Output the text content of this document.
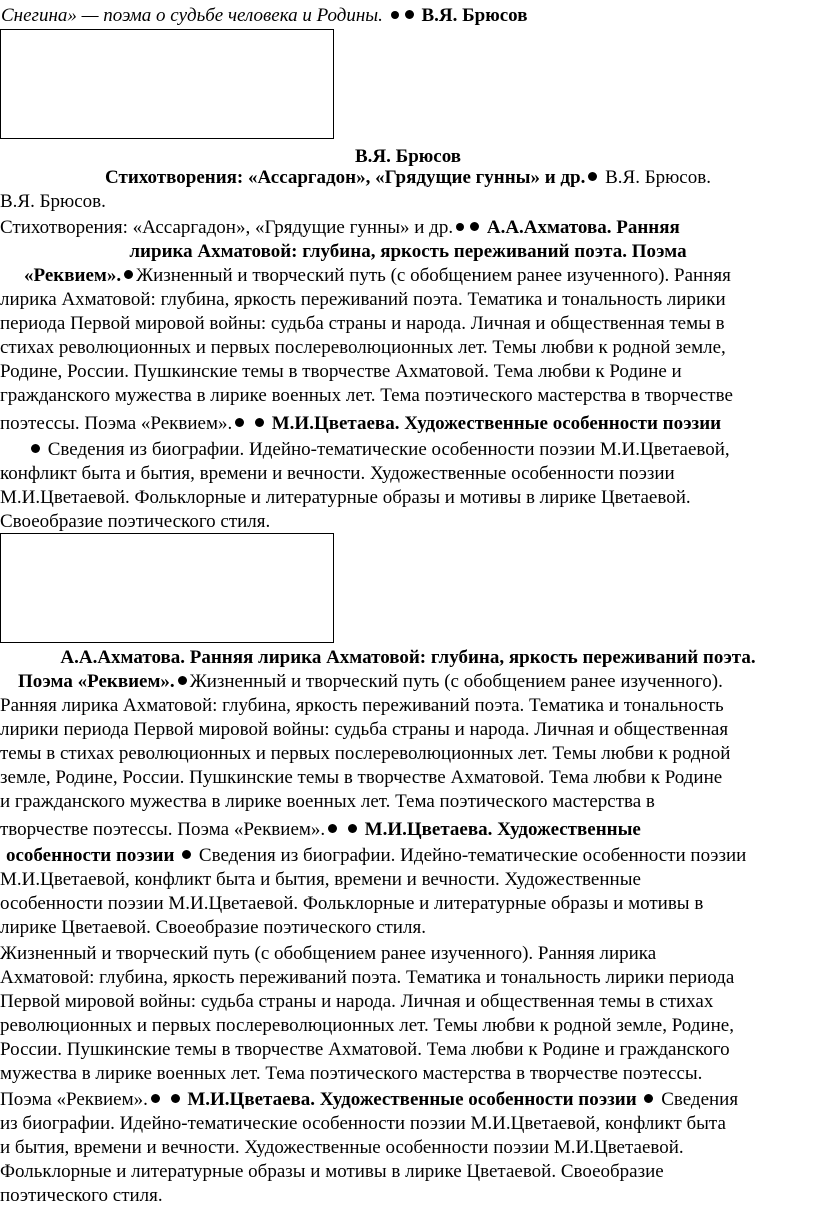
Снегина» — поэма о судьбе человека и Родины. В.Я. Брюсов
В.Я. Брюсов
Стихотворения: «Ассаргадон», «Грядущие гунны» и др. В.Я. Брюсов.
В.Я. Брюсов.
Стихотворения: «Ассаргадон», «Грядущие гунны» и др. А.А.Ахматова. Ранняя
лирика Ахматовой: глубина, яркость переживаний поэта. Поэма
«Реквием». Жизненный и творческий путь (с обобщением ранее изученного). Ранняя
лирика Ахматовой: глубина, яркость переживаний поэта. Тематика и тональность лирики
периода Первой мировой войны: судьба страны и народа. Личная и общественная темы в
стихах революционных и первых послереволюционных лет. Темы любви к родной земле,
Родине, России. Пушкинские темы в творчестве Ахматовой. Тема любви к Родине и
гражданского мужества в лирике военных лет. Тема поэтического мастерства в творчестве
поэтессы. Поэма «Реквием». М.И.Цветаева. Художественные особенности поэзии
Сведения из биографии. Идейно-тематические особенности поэзии М.И.Цветаевой,
конфликт быта и бытия, времени и вечности. Художественные особенности поэзии
М.И.Цветаевой. Фольклорные и литературные образы и мотивы в лирике Цветаевой.
Своеобразие поэтического стиля.
А.А.Ахматова. Ранняя лирика Ахматовой: глубина, яркость переживаний поэта.
Поэма «Реквием». Жизненный и творческий путь (с обобщением ранее изученного).
Ранняя лирика Ахматовой: глубина, яркость переживаний поэта. Тематика и тональность
лирики периода Первой мировой войны: судьба страны и народа. Личная и общественная
темы в стихах революционных и первых послереволюционных лет. Темы любви к родной
земле, Родине, России. Пушкинские темы в творчестве Ахматовой. Тема любви к Родине
и гражданского мужества в лирике военных лет. Тема поэтического мастерства в
творчестве поэтессы. Поэма «Реквием». М.И.Цветаева. Художественные
особенности поэзии Сведения из биографии. Идейно-тематические особенности поэзии
М.И.Цветаевой, конфликт быта и бытия, времени и вечности. Художественные
особенности поэзии М.И.Цветаевой. Фольклорные и литературные образы и мотивы в
лирике Цветаевой. Своеобразие поэтического стиля.
Жизненный и творческий путь (с обобщением ранее изученного). Ранняя лирика
Ахматовой: глубина, яркость переживаний поэта. Тематика и тональность лирики периода
Первой мировой войны: судьба страны и народа. Личная и общественная темы в стихах
революционных и первых послереволюционных лет. Темы любви к родной земле, Родине,
России. Пушкинские темы в творчестве Ахматовой. Тема любви к Родине и гражданского
мужества в лирике военных лет. Тема поэтического мастерства в творчестве поэтессы.
Поэма «Реквием». М.И.Цветаева. Художественные особенности поэзии Сведения
из биографии. Идейно-тематические особенности поэзии М.И.Цветаевой, конфликт быта
и бытия, времени и вечности. Художественные особенности поэзии М.И.Цветаевой.
Фольклорные и литературные образы и мотивы в лирике Цветаевой. Своеобразие
поэтического стиля.
